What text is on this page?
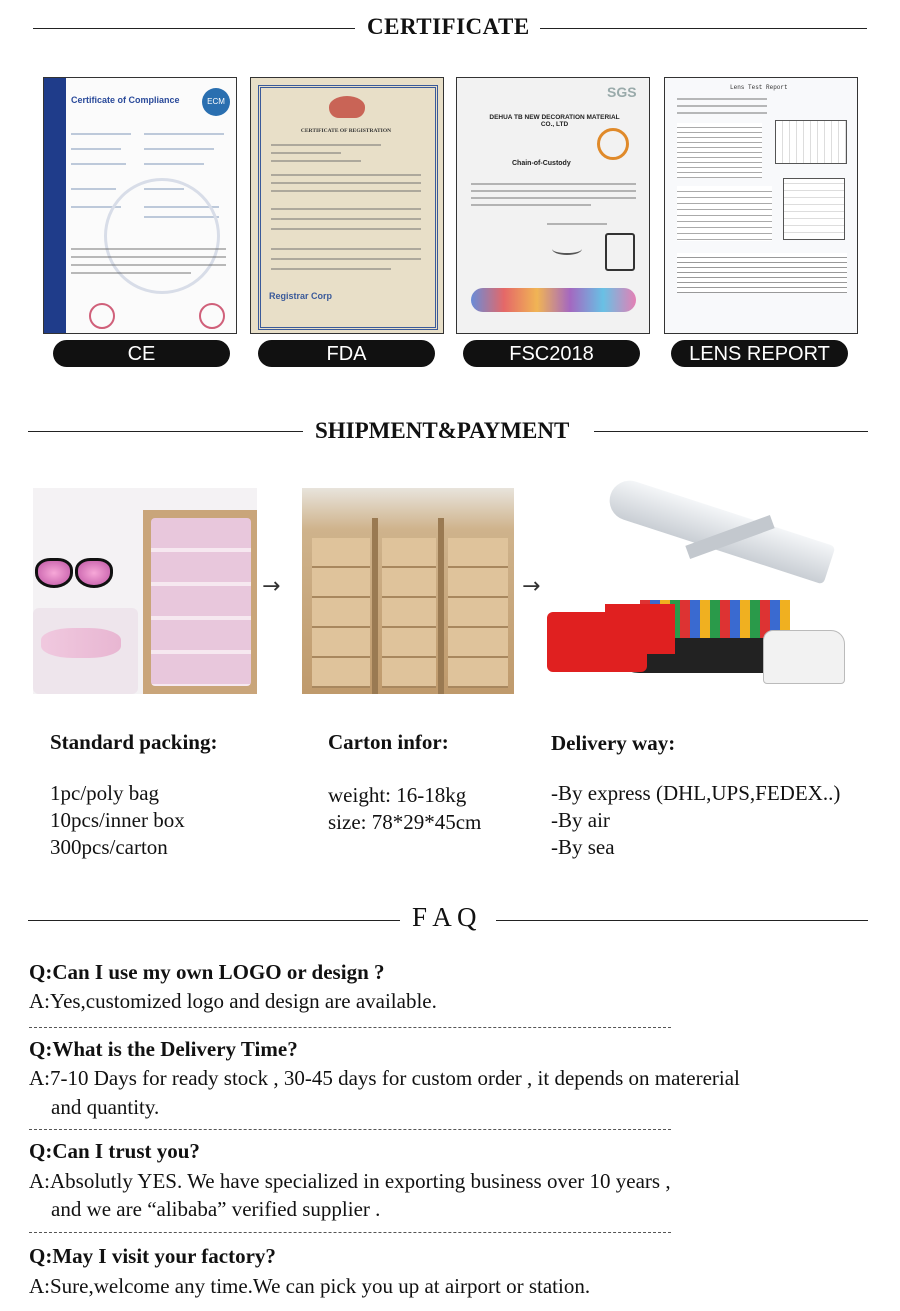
CERTIFICATE
Certificate of Compliance	ECM
CE
CERTIFICATE OF REGISTRATION
Registrar Corp
FDA
SGS
DEHUA TB NEW DECORATION MATERIAL CO., LTD
Chain-of-Custody
FSC2018
Lens Test Report
LENS REPORT
SHIPMENT&PAYMENT
→	→
Standard packing:
1pc/poly bag
10pcs/inner box
300pcs/carton
Carton infor:
weight: 16-18kg
size: 78*29*45cm
Delivery way:
-By express (DHL,UPS,FEDEX..)
-By air
-By sea
F A Q
Q:Can I use my own LOGO or design ?
A:Yes,customized logo and design are available.
Q:What is the Delivery Time?
A:7-10 Days for ready stock , 30-45 days for custom order , it depends on matererial
and quantity.
Q:Can I trust you?
A:Absolutly YES. We have specialized in exporting business over 10 years ,
and we are “alibaba” verified supplier .
Q:May I visit your factory?
A:Sure,welcome any time.We can pick you up at airport or station.
